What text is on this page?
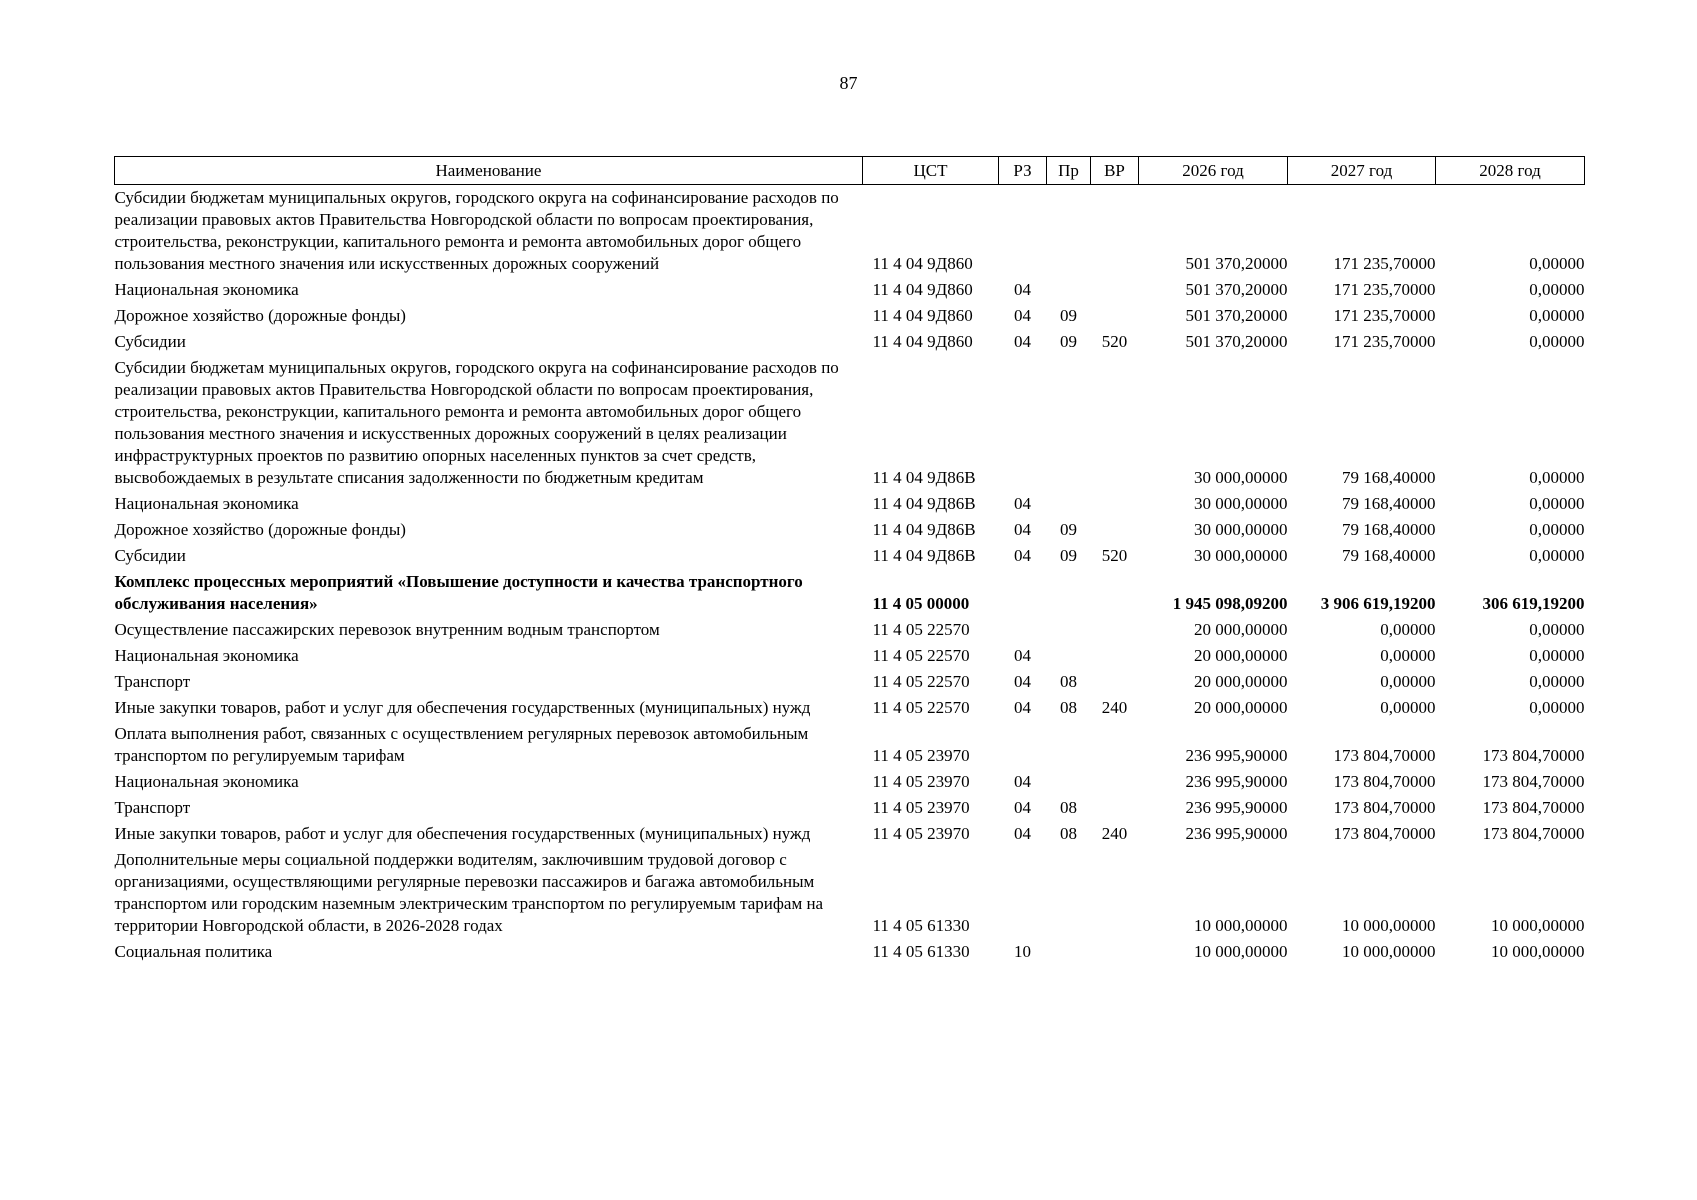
87
Наименование	ЦСТ	РЗ	Пр	ВР	2026 год	2027 год	2028 год
Субсидии бюджетам муниципальных округов, городского округа на софинансирование расходов по реализации правовых актов Правительства Новгородской области по вопросам проектирования, строительства, реконструкции, капитального ремонта и ремонта автомобильных дорог общего пользования местного значения или искусственных дорожных сооружений	11 4 04 9Д860				501 370,20000	171 235,70000	0,00000
Национальная экономика	11 4 04 9Д860	04			501 370,20000	171 235,70000	0,00000
Дорожное хозяйство (дорожные фонды)	11 4 04 9Д860	04	09		501 370,20000	171 235,70000	0,00000
Субсидии	11 4 04 9Д860	04	09	520	501 370,20000	171 235,70000	0,00000
Субсидии бюджетам муниципальных округов, городского округа на софинансирование расходов по реализации правовых актов Правительства Новгородской области по вопросам проектирования, строительства, реконструкции, капитального ремонта и ремонта автомобильных дорог общего пользования местного значения и искусственных дорожных сооружений в целях реализации инфраструктурных проектов по развитию опорных населенных пунктов за счет средств, высвобождаемых в результате списания задолженности по бюджетным кредитам	11 4 04 9Д86В				30 000,00000	79 168,40000	0,00000
Национальная экономика	11 4 04 9Д86В	04			30 000,00000	79 168,40000	0,00000
Дорожное хозяйство (дорожные фонды)	11 4 04 9Д86В	04	09		30 000,00000	79 168,40000	0,00000
Субсидии	11 4 04 9Д86В	04	09	520	30 000,00000	79 168,40000	0,00000
Комплекс процессных мероприятий «Повышение доступности и качества транспортного обслуживания населения»	11 4 05 00000				1 945 098,09200	3 906 619,19200	306 619,19200
Осуществление пассажирских перевозок внутренним водным транспортом	11 4 05 22570				20 000,00000	0,00000	0,00000
Национальная экономика	11 4 05 22570	04			20 000,00000	0,00000	0,00000
Транспорт	11 4 05 22570	04	08		20 000,00000	0,00000	0,00000
Иные закупки товаров, работ и услуг для обеспечения государственных (муниципальных) нужд	11 4 05 22570	04	08	240	20 000,00000	0,00000	0,00000
Оплата выполнения работ, связанных с осуществлением регулярных перевозок автомобильным транспортом по регулируемым тарифам	11 4 05 23970				236 995,90000	173 804,70000	173 804,70000
Национальная экономика	11 4 05 23970	04			236 995,90000	173 804,70000	173 804,70000
Транспорт	11 4 05 23970	04	08		236 995,90000	173 804,70000	173 804,70000
Иные закупки товаров, работ и услуг для обеспечения государственных (муниципальных) нужд	11 4 05 23970	04	08	240	236 995,90000	173 804,70000	173 804,70000
Дополнительные меры социальной поддержки водителям, заключившим трудовой договор с организациями, осуществляющими регулярные перевозки пассажиров и багажа автомобильным транспортом или городским наземным электрическим транспортом по регулируемым тарифам на территории Новгородской области, в 2026-2028 годах	11 4 05 61330				10 000,00000	10 000,00000	10 000,00000
Социальная политика	11 4 05 61330	10			10 000,00000	10 000,00000	10 000,00000
